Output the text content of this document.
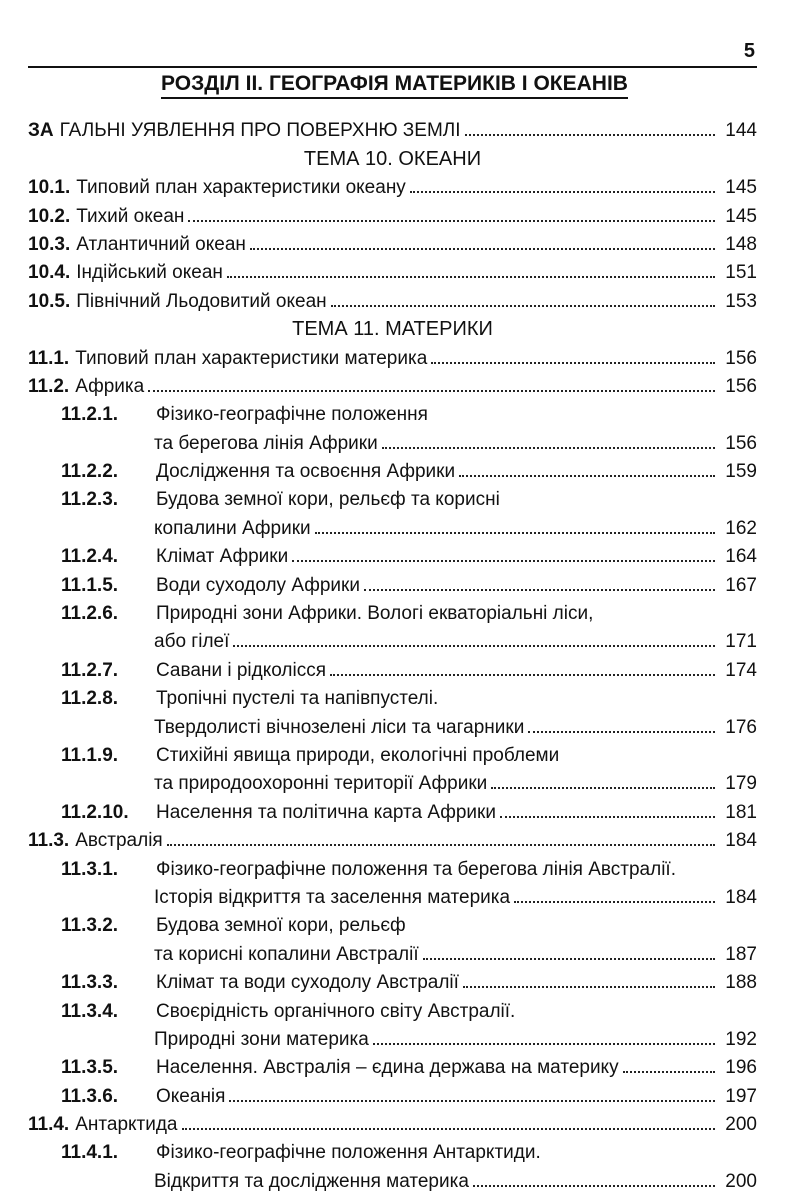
5
РОЗДІЛ ІІ. ГЕОГРАФІЯ МАТЕРИКІВ І ОКЕАНІВ
ЗА ГАЛЬНІ УЯВЛЕННЯ ПРО ПОВЕРХНЮ ЗЕМЛІ	144
ТЕМА 10. ОКЕАНИ
10.1. Типовий план характеристики океану	145
10.2. Тихий океан	145
10.3. Атлантичний океан	148
10.4. Індійський океан	151
10.5. Північний Льодовитий океан	153
ТЕМА 11. МАТЕРИКИ
11.1. Типовий план характеристики материка	156
11.2. Африка	156
11.2.1.	Фізико-географічне положення
та берегова лінія Африки	156
11.2.2.	Дослідження та освоєння Африки	159
11.2.3.	Будова земної кори, рельєф та корисні
копалини Африки	162
11.2.4.	Клімат Африки	164
11.1.5.	Води суходолу Африки	167
11.2.6.	Природні зони Африки. Вологі екваторіальні ліси,
або гілеї	171
11.2.7.	Савани і рідколісся	174
11.2.8.	Тропічні пустелі та напівпустелі.
Твердолисті вічнозелені ліси та чагарники	176
11.1.9.	Стихійні явища природи, екологічні проблеми
та природоохоронні території Африки	179
11.2.10.	Населення та політична карта Африки	181
11.3. Австралія	184
11.3.1.	Фізико-географічне положення та берегова лінія Австралії.
Історія відкриття та заселення материка	184
11.3.2.	Будова земної кори, рельєф
та корисні копалини Австралії	187
11.3.3.	Клімат та води суходолу Австралії	188
11.3.4.	Своєрідність органічного світу Австралії.
Природні зони материка	192
11.3.5.	Населення. Австралія – єдина держава на материку	196
11.3.6.	Океанія	197
11.4. Антарктида	200
11.4.1.	Фізико-географічне положення Антарктиди.
Відкриття та дослідження материка	200
